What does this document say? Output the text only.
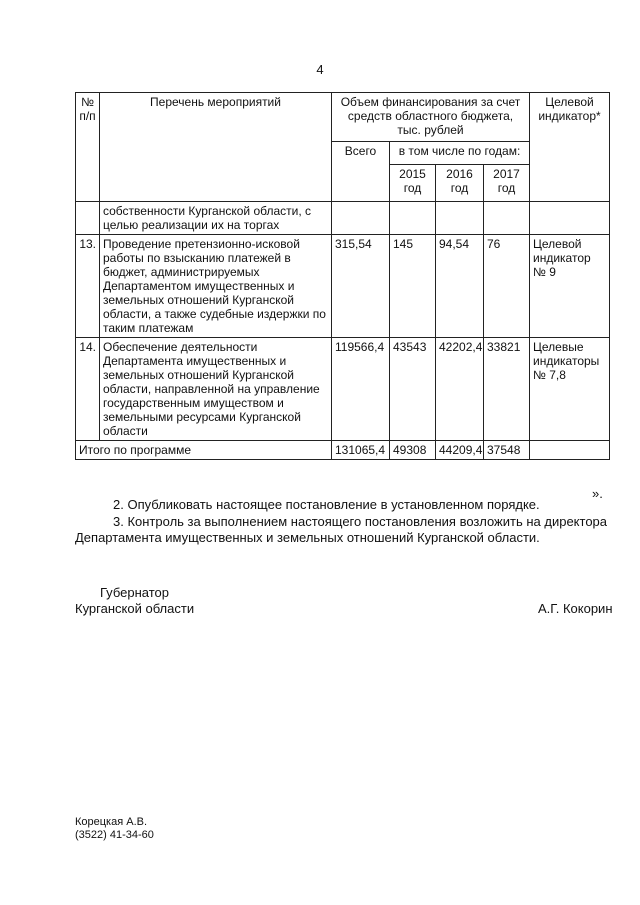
4
№ п/п	Перечень мероприятий	Объем финансирования за счет средств областного бюджета, тыс. рублей				Целевой индикатор*
		Всего	в том числе по годам:			
			2015 год	2016 год	2017 год	
	собственности Курганской области, с целью реализации их на торгах					
13.	Проведение претензионно-исковой работы по взысканию платежей в бюджет, администрируемых Департаментом имущественных и земельных отношений Курганской области, а также судебные издержки по таким платежам	315,54	145	94,54	76	Целевой индикатор № 9
14.	Обеспечение деятельности Департамента имущественных и земельных отношений Курганской области, направленной на управление государственным имуществом и земельными ресурсами Курганской области	119566,4	43543	42202,4	33821	Целевые индикаторы № 7,8
Итого по программе		131065,4	49308	44209,4	37548	
».
2. Опубликовать настоящее постановление в установленном порядке.
3. Контроль за выполнением настоящего постановления возложить на директора
Департамента имущественных и земельных отношений Курганской области.
Губернатор
Курганской области	А.Г. Кокорин
Корецкая А.В.
(3522) 41-34-60
